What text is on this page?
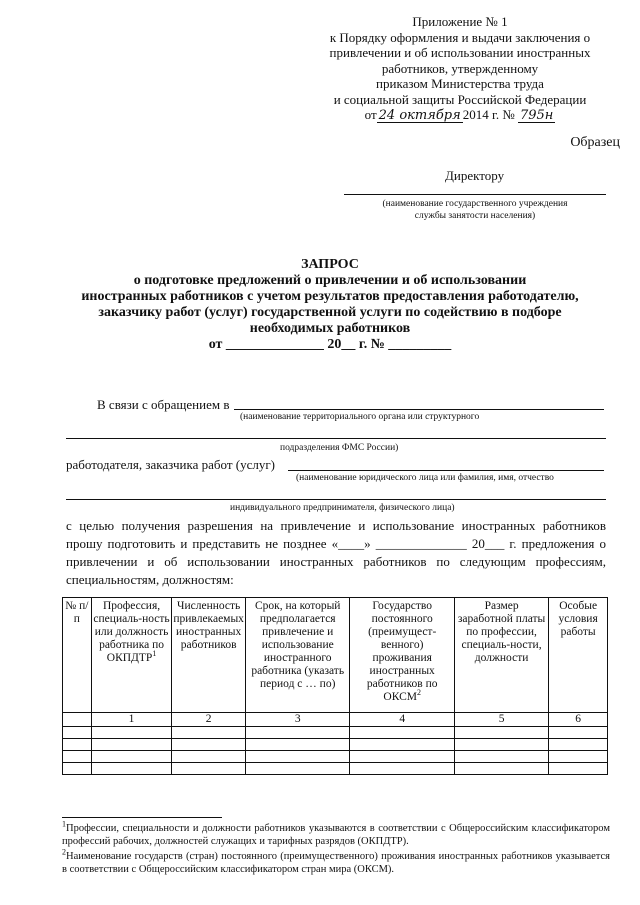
Приложение № 1
к Порядку оформления и выдачи заключения о
привлечении и об использовании иностранных
работников, утвержденному
приказом Министерства труда
и социальной защиты Российской Федерации
от 24 октября 2014 г. № 795н
Образец
Директору
(наименование государственного учреждения
службы занятости населения)
ЗАПРОС
о подготовке предложений о привлечении и об использовании
иностранных работников с учетом результатов предоставления работодателю,
заказчику работ (услуг) государственной услуги по содействию в подборе
необходимых работников
от ______________ 20__ г. № _________
В связи с обращением в
(наименование территориального органа или структурного
подразделения ФМС России)
работодателя, заказчика работ (услуг)
(наименование юридического лица или фамилия, имя, отчество
индивидуального предпринимателя, физического лица)
с целью получения разрешения на привлечение и использование иностранных работников прошу подготовить и представить не позднее «____» ______________ 20___ г. предложения о привлечении и об использовании иностранных работников по следующим профессиям, специальностям, должностям:
№ п/п	Профессия, специаль-ность или должность работника по ОКПДТР$^1$	Численность привлекаемых иностранных работников	Срок, на который предполагается привлечение и использование иностранного работника (указать период с … по)	Государство постоянного (преимущест-венного) проживания иностранных работников по ОКСМ$^2$	Размер заработной платы по профессии, специаль-ности, должности	Особые условия работы
	1	2	3	4	5	6

$^1$Профессии, специальности и должности работников указываются в соответствии с Общероссийским классификатором профессий рабочих, должностей служащих и тарифных разрядов (ОКПДТР).
$^2$Наименование государств (стран) постоянного (преимущественного) проживания иностранных работников указывается в соответствии с Общероссийским классификатором стран мира (ОКСМ).
